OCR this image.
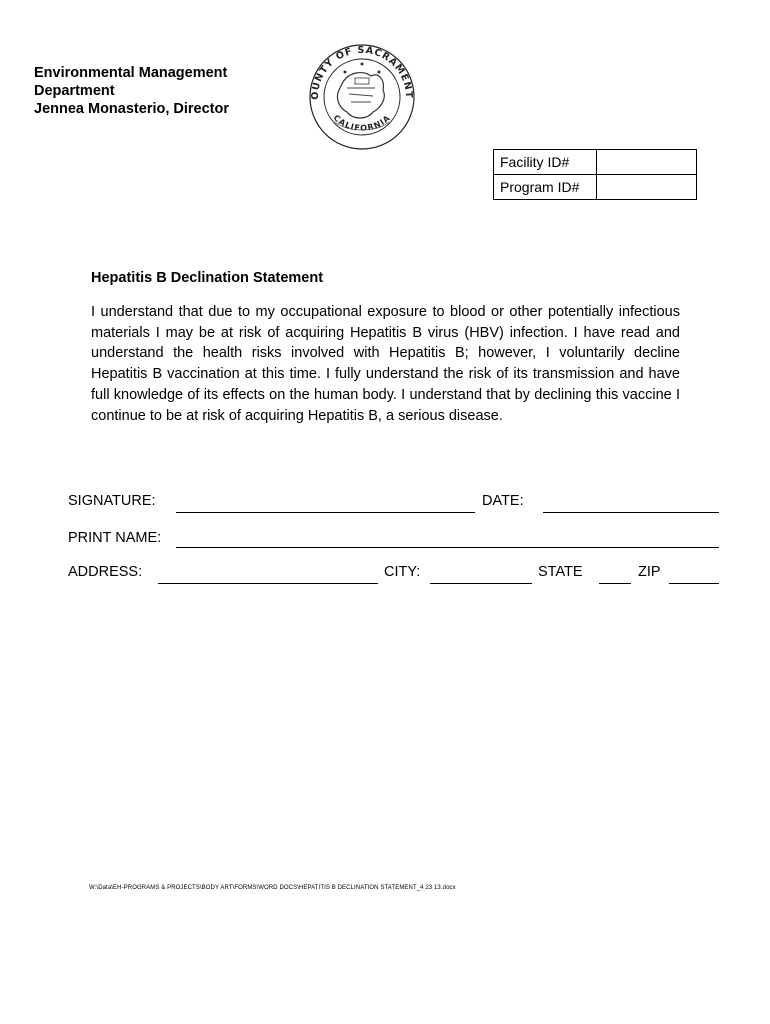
Environmental Management
Department
Jennea Monasterio, Director
OUNTY OF SACRAMENT
CALIFORNIA
Facility ID#	
Program ID#	
Hepatitis B Declination Statement
I understand that due to my occupational exposure to blood or other potentially infectious materials I may be at risk of acquiring Hepatitis B virus (HBV) infection. I have read and understand the health risks involved with Hepatitis B; however, I voluntarily decline Hepatitis B vaccination at this time. I fully understand the risk of its transmission and have full knowledge of its effects on the human body. I understand that by declining this vaccine I continue to be at risk of acquiring Hepatitis B, a serious disease.
SIGNATURE:	DATE:
PRINT NAME:
ADDRESS:	CITY:	STATE	ZIP
W:\Data\EH-PROGRAMS & PROJECTS\BODY ART\FORMS\WORD DOCS\HEPATITIS B DECLINATION STATEMENT_4 23 13.docx
